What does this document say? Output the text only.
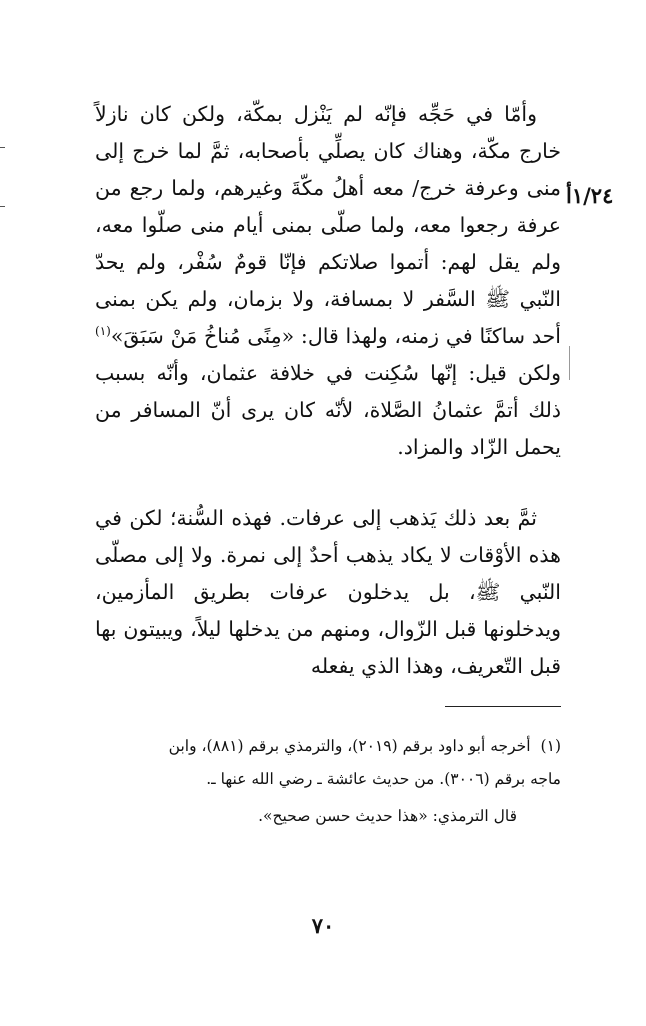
١/٢٤أ

وأمّا في حَجِّه فإنّه لم يَنْزل بمكّة، ولكن كان نازلاً خارج مكّة، وهناك كان يصلِّي بأصحابه، ثمَّ لما خرج إلى منى وعرفة خرج/ معه أهلُ مكّةَ وغيرهم، ولما رجع من عرفة رجعوا معه، ولما صلّى بمنى أيام منى صلّوا معه، ولم يقل لهم: أتموا صلاتكم فإنّا قومٌ سُفْر، ولم يحدّ النّبي ﷺ السَّفر لا بمسافة، ولا بزمان، ولم يكن بمنى أحد ساكنًا في زمنه، ولهذا قال: «مِنًى مُناخُ مَنْ سَبَقَ»$^{(١)}$ ولكن قيل: إنّها سُكِنت في خلافة عثمان، وأنّه بسبب ذلك أتمَّ عثمانُ الصَّلاة، لأنّه كان يرى أنّ المسافر من يحمل الزّاد والمزاد.

ثمَّ بعد ذلك يَذهب إلى عرفات. فهذه السُّنة؛ لكن في هذه الأوْقات لا يكاد يذهب أحدٌ إلى نمرة. ولا إلى مصلّى النّبي ﷺ، بل يدخلون عرفات بطريق المأزمين، ويدخلونها قبل الزّوال، ومنهم من يدخلها ليلاً، ويبيتون بها قبل التّعريف، وهذا الذي يفعله

(١)أخرجه أبو داود برقم (٢٠١٩)، والترمذي برقم (٨٨١)، وابن

ماجه برقم (٣٠٠٦). من حديث عائشة ـ رضي الله عنها ـ.

قال الترمذي: «هذا حديث حسن صحيح».

٧٠
